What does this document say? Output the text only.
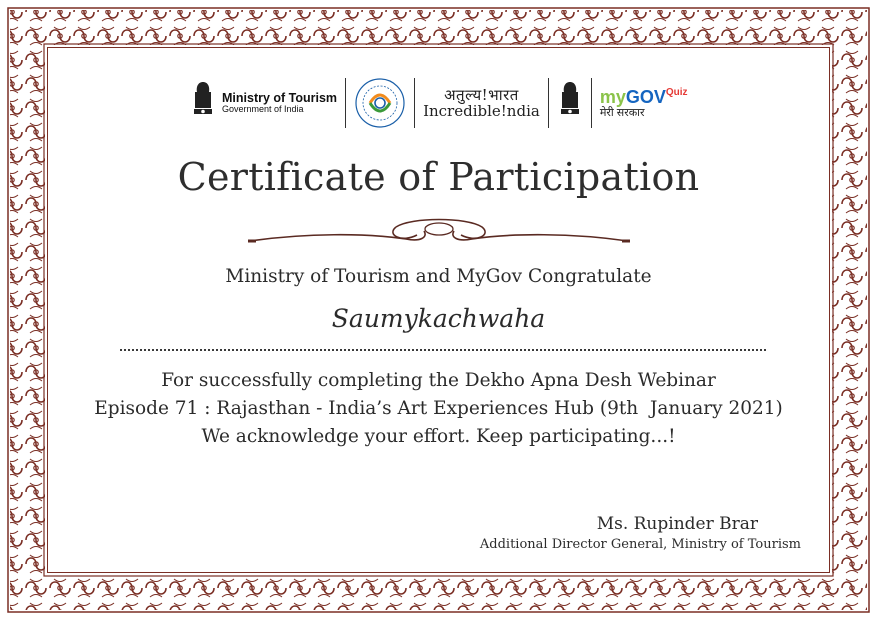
Ministry of Tourism
Government of India
अतुल्य!भारत
Incredible!ndia
myGOV$^{Quiz}$
मेरी सरकार
Certificate of Participation
Ministry of Tourism and MyGov Congratulate
Saumykachwaha
For successfully completing the Dekho Apna Desh Webinar
Episode 71 : Rajasthan - India’s Art Experiences Hub (9th  January 2021)
We acknowledge your effort. Keep participating...!
Ms. Rupinder Brar
Additional Director General, Ministry of Tourism
